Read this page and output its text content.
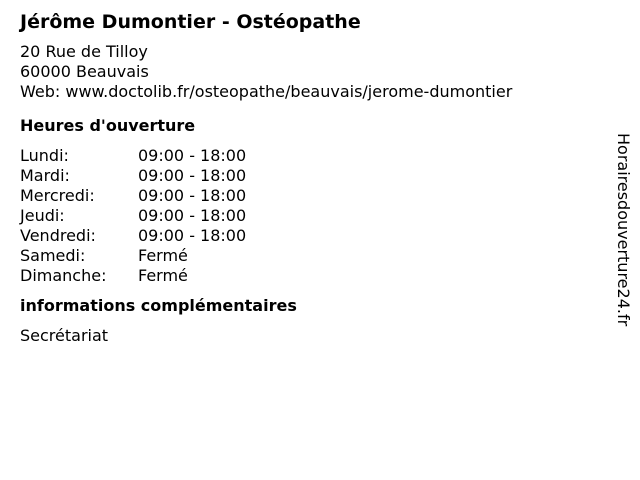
Jérôme Dumontier - Ostéopathe
20 Rue de Tilloy
60000 Beauvais
Web: www.doctolib.fr/osteopathe/beauvais/jerome-dumontier
Heures d'ouverture
Lundi:	09:00 - 18:00
Mardi:	09:00 - 18:00
Mercredi:	09:00 - 18:00
Jeudi:	09:00 - 18:00
Vendredi:	09:00 - 18:00
Samedi:	Fermé
Dimanche:	Fermé
informations complémentaires
Secrétariat
Horairesdouverture24.fr
